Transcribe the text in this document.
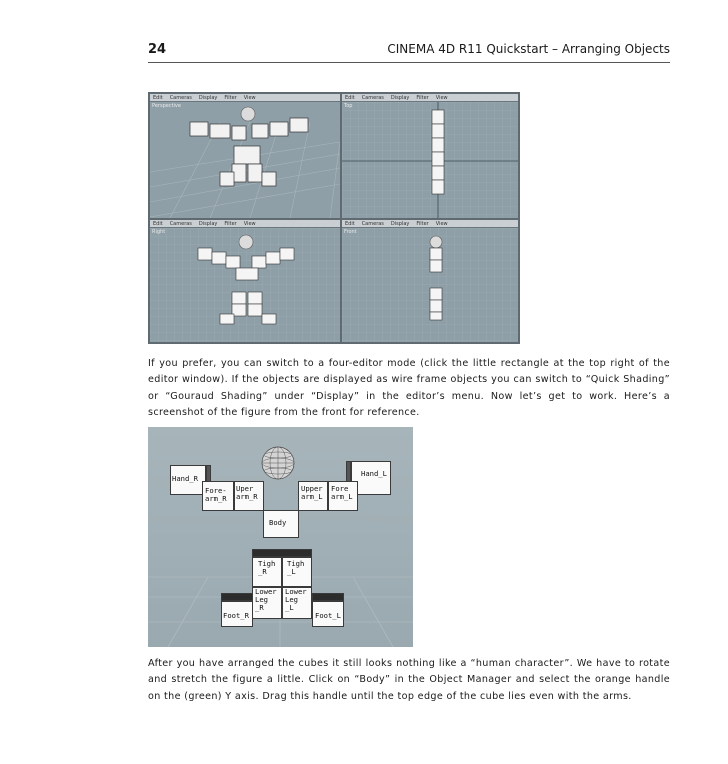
24	CINEMA 4D R11 Quickstart – Arranging Objects
Edit Cameras Display Filter View
Perspective
Edit Cameras Display Filter View
Top
Edit Cameras Display Filter View
Right
Edit Cameras Display Filter View
Front
If you prefer, you can switch to a four-editor mode (click the little rectangle at the top right of the editor window). If the objects are displayed as wire frame objects you can switch to “Quick Shading” or “Gouraud Shading” under “Display” in the editor’s menu. Now let’s get to work. Here’s a screenshot of the figure from the front for reference.
Hand_R
Hand_L
Fore-
arm_R
Uper
arm_R
Upper
arm_L
Fore
arm_L
Body
Tigh
_R
Tigh
_L
Lower
Leg
_R
Lower
Leg
_L
Foot_R	Foot_L
After you have arranged the cubes it still looks nothing like a “human character”. We have to rotate and stretch the figure a little. Click on “Body” in the Object Manager and select the orange handle on the (green) Y axis. Drag this handle until the top edge of the cube lies even with the arms.
